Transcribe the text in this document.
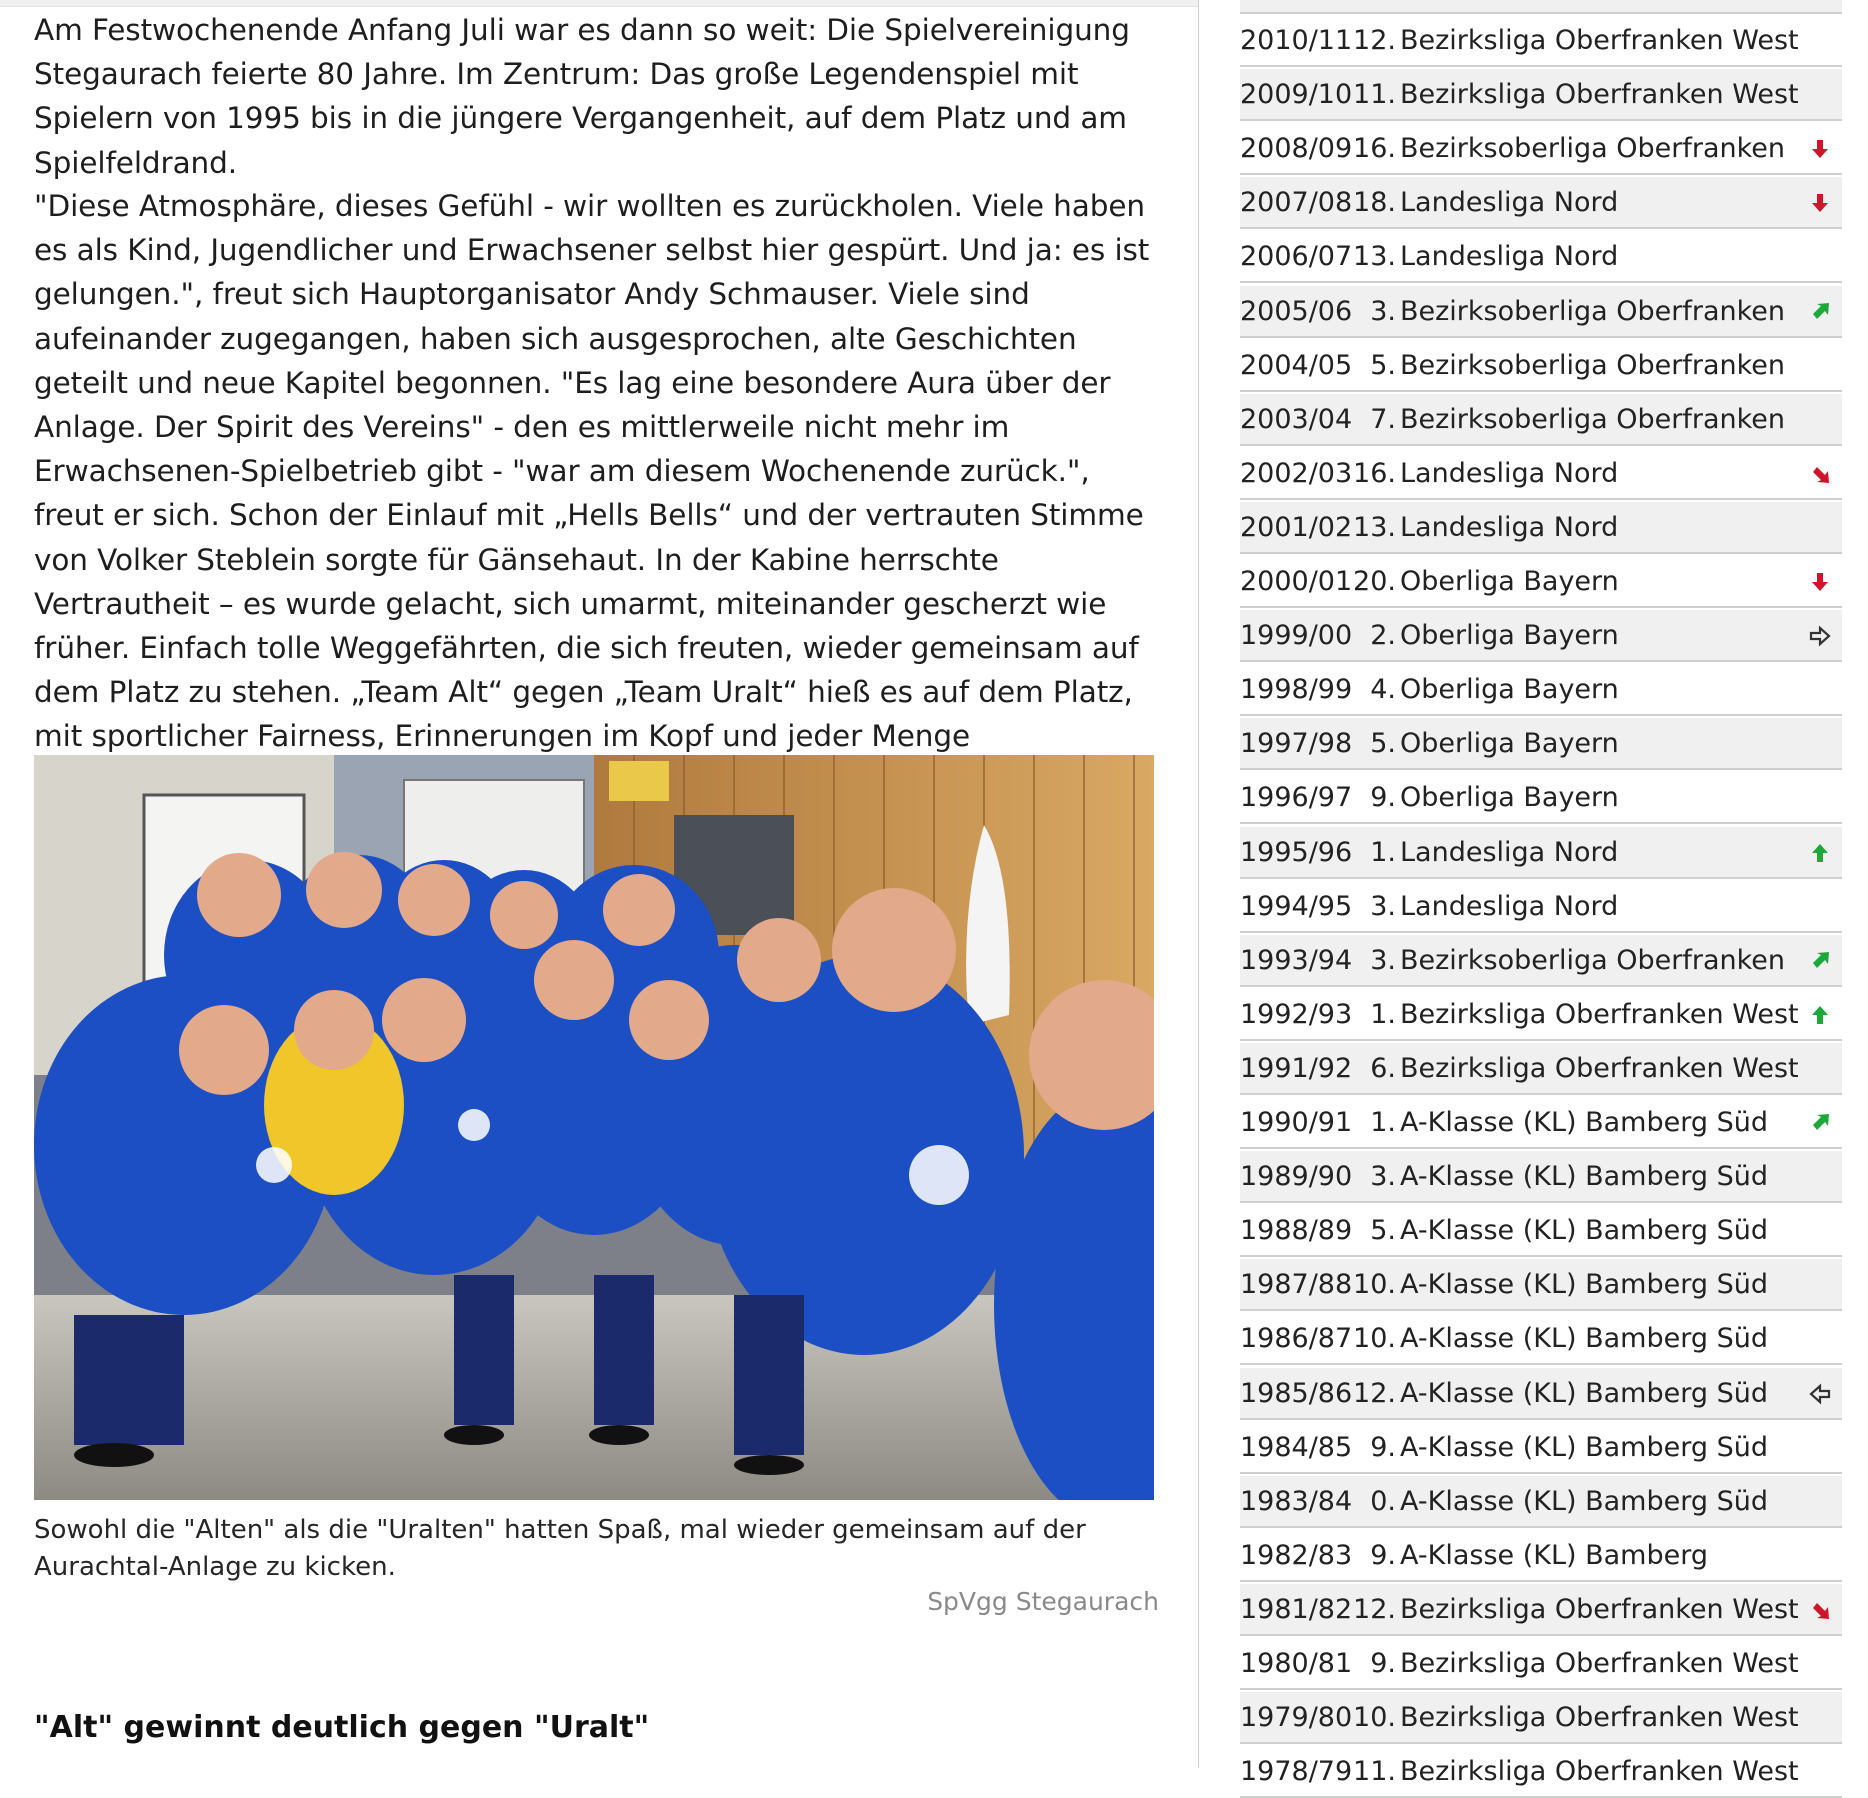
Am Festwochenende Anfang Juli war es dann so weit: Die Spielvereinigung Stegaurach feierte 80 Jahre. Im Zentrum: Das große Legendenspiel mit Spielern von 1995 bis in die jüngere Vergangenheit, auf dem Platz und am Spielfeldrand.

"Diese Atmosphäre, dieses Gefühl - wir wollten es zurückholen. Viele haben es als Kind, Jugendlicher und Erwachsener selbst hier gespürt. Und ja: es ist gelungen.", freut sich Hauptorganisator Andy Schmauser. Viele sind aufeinander zugegangen, haben sich ausgesprochen, alte Geschichten geteilt und neue Kapitel begonnen. "Es lag eine besondere Aura über der Anlage. Der Spirit des Vereins" - den es mittlerweile nicht mehr im Erwachsenen-Spielbetrieb gibt - "war am diesem Wochenende zurück.", freut er sich. Schon der Einlauf mit „Hells Bells“ und der vertrauten Stimme von Volker Steblein sorgte für Gänsehaut. In der Kabine herrschte Vertrautheit – es wurde gelacht, sich umarmt, miteinander gescherzt wie früher. Einfach tolle Weggefährten, die sich freuten, wieder gemeinsam auf dem Platz zu stehen. „Team Alt“ gegen „Team Uralt“ hieß es auf dem Platz, mit sportlicher Fairness, Erinnerungen im Kopf und jeder Menge

Sowohl die "Alten" als die "Uralten" hatten Spaß, mal wieder gemeinsam auf der Aurachtal-Anlage zu kicken.

SpVgg Stegaurach
"Alt" gewinnt deutlich gegen "Uralt"
2010/11 12. Bezirksliga Oberfranken West
2009/10 11. Bezirksliga Oberfranken West
2008/09 16. Bezirksoberliga Oberfranken
2007/08 18. Landesliga Nord
2006/07 13. Landesliga Nord
2005/06 3. Bezirksoberliga Oberfranken
2004/05 5. Bezirksoberliga Oberfranken
2003/04 7. Bezirksoberliga Oberfranken
2002/03 16. Landesliga Nord
2001/02 13. Landesliga Nord
2000/01 20. Oberliga Bayern
1999/00 2. Oberliga Bayern
1998/99 4. Oberliga Bayern
1997/98 5. Oberliga Bayern
1996/97 9. Oberliga Bayern
1995/96 1. Landesliga Nord
1994/95 3. Landesliga Nord
1993/94 3. Bezirksoberliga Oberfranken
1992/93 1. Bezirksliga Oberfranken West
1991/92 6. Bezirksliga Oberfranken West
1990/91 1. A-Klasse (KL) Bamberg Süd
1989/90 3. A-Klasse (KL) Bamberg Süd
1988/89 5. A-Klasse (KL) Bamberg Süd
1987/88 10. A-Klasse (KL) Bamberg Süd
1986/87 10. A-Klasse (KL) Bamberg Süd
1985/86 12. A-Klasse (KL) Bamberg Süd
1984/85 9. A-Klasse (KL) Bamberg Süd
1983/84 0. A-Klasse (KL) Bamberg Süd
1982/83 9. A-Klasse (KL) Bamberg
1981/82 12. Bezirksliga Oberfranken West
1980/81 9. Bezirksliga Oberfranken West
1979/80 10. Bezirksliga Oberfranken West
1978/79 11. Bezirksliga Oberfranken West
